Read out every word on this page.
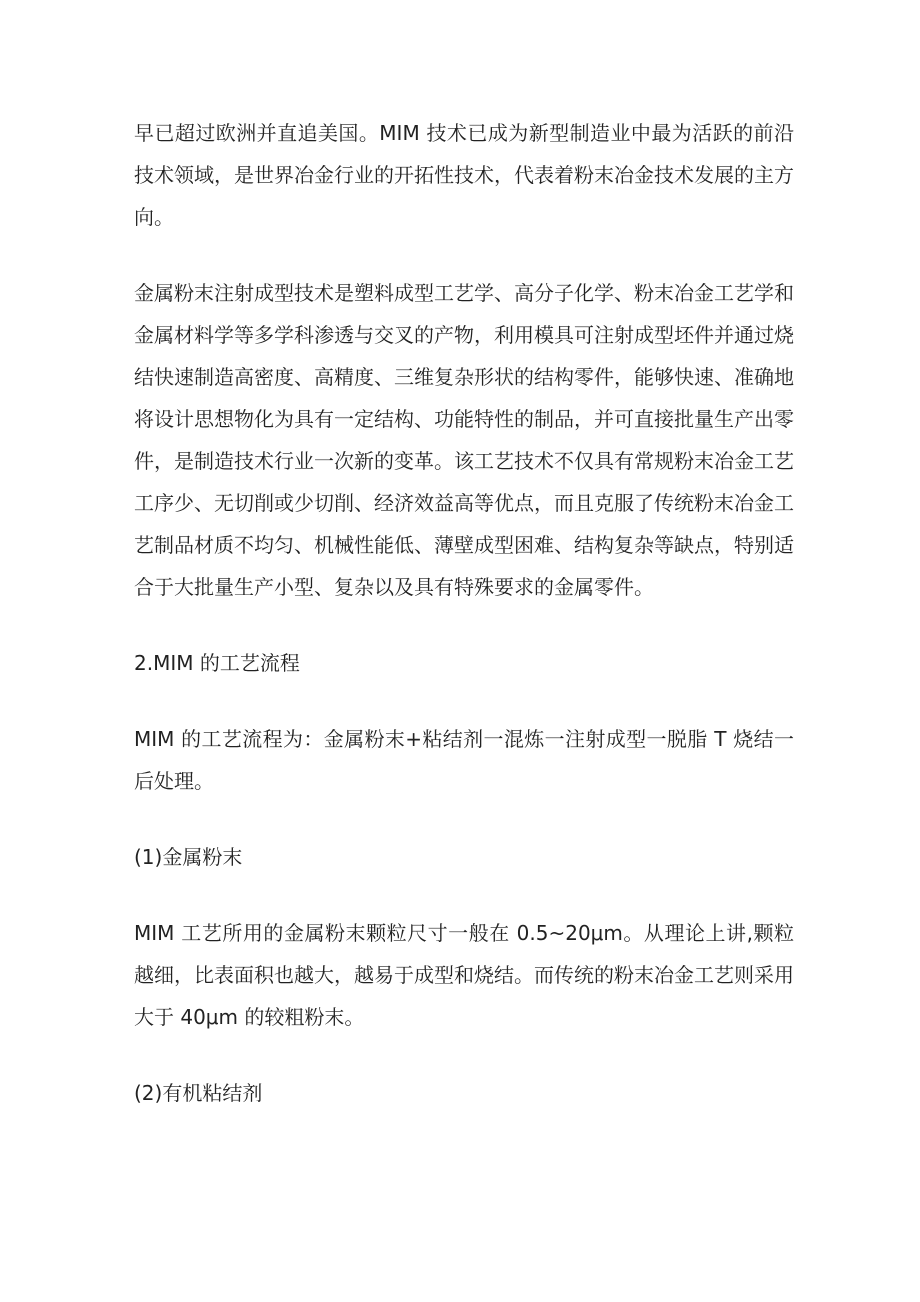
早已超过欧洲并直追美国。MIM 技术已成为新型制造业中最为活跃的前沿技术领域，是世界冶金行业的开拓性技术，代表着粉末冶金技术发展的主方向。

金属粉末注射成型技术是塑料成型工艺学、高分子化学、粉末冶金工艺学和金属材料学等多学科渗透与交叉的产物，利用模具可注射成型坯件并通过烧结快速制造高密度、高精度、三维复杂形状的结构零件，能够快速、准确地将设计思想物化为具有一定结构、功能特性的制品，并可直接批量生产出零件，是制造技术行业一次新的变革。该工艺技术不仅具有常规粉末冶金工艺工序少、无切削或少切削、经济效益高等优点，而且克服了传统粉末冶金工艺制品材质不均匀、机械性能低、薄壁成型困难、结构复杂等缺点，特别适合于大批量生产小型、复杂以及具有特殊要求的金属零件。

2.MIM 的工艺流程

MIM 的工艺流程为：金属粉末+粘结剂一混炼一注射成型一脱脂 T 烧结一后处理。

(1)金属粉末

MIM 工艺所用的金属粉末颗粒尺寸一般在 0.5~20μm。从理论上讲,颗粒越细，比表面积也越大，越易于成型和烧结。而传统的粉末冶金工艺则采用大于 40μm 的较粗粉末。

(2)有机粘结剂
